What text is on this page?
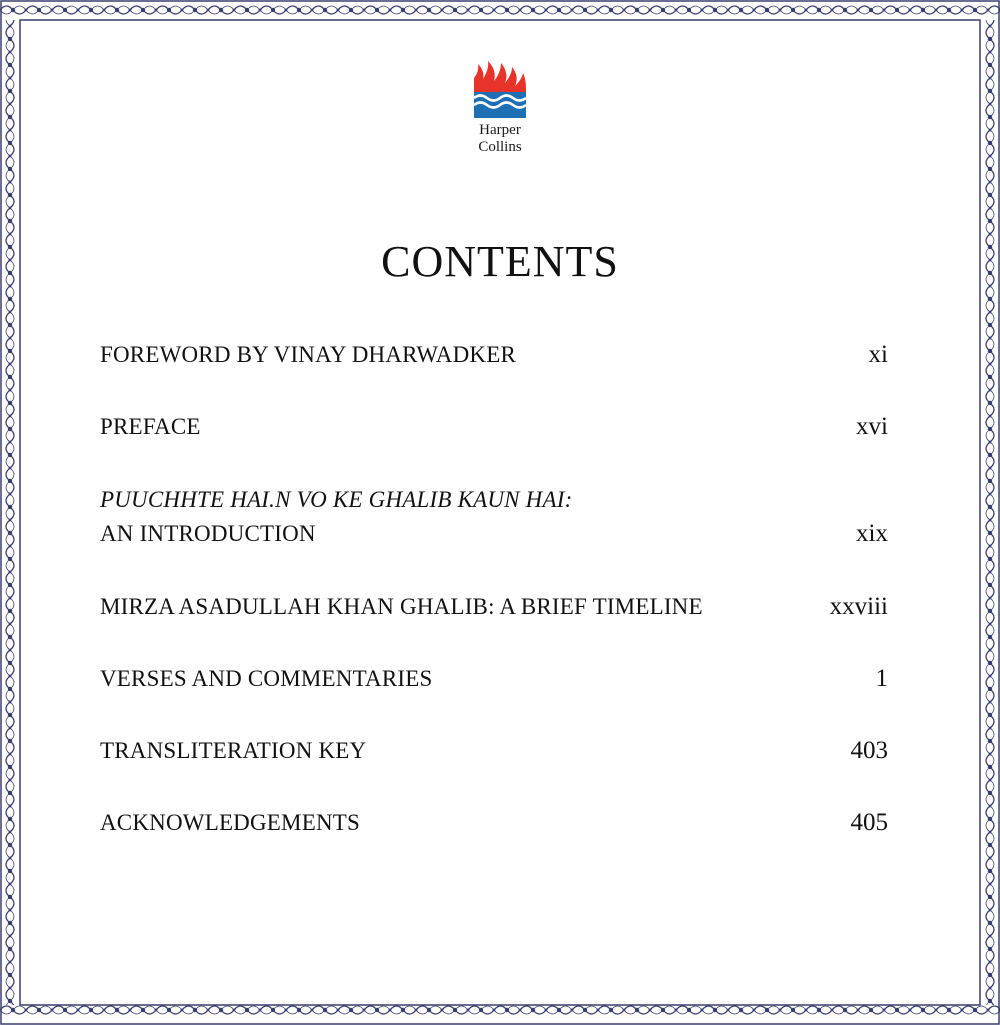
Harper
Collins
CONTENTS
FOREWORD BY VINAY DHARWADKER	xi
PREFACE	xvi
PUUCHHTE HAI.N VO KE GHALIB KAUN HAI:
AN INTRODUCTION	xix
MIRZA ASADULLAH KHAN GHALIB: A BRIEF TIMELINE	xxviii
VERSES AND COMMENTARIES	1
TRANSLITERATION KEY	403
ACKNOWLEDGEMENTS	405
